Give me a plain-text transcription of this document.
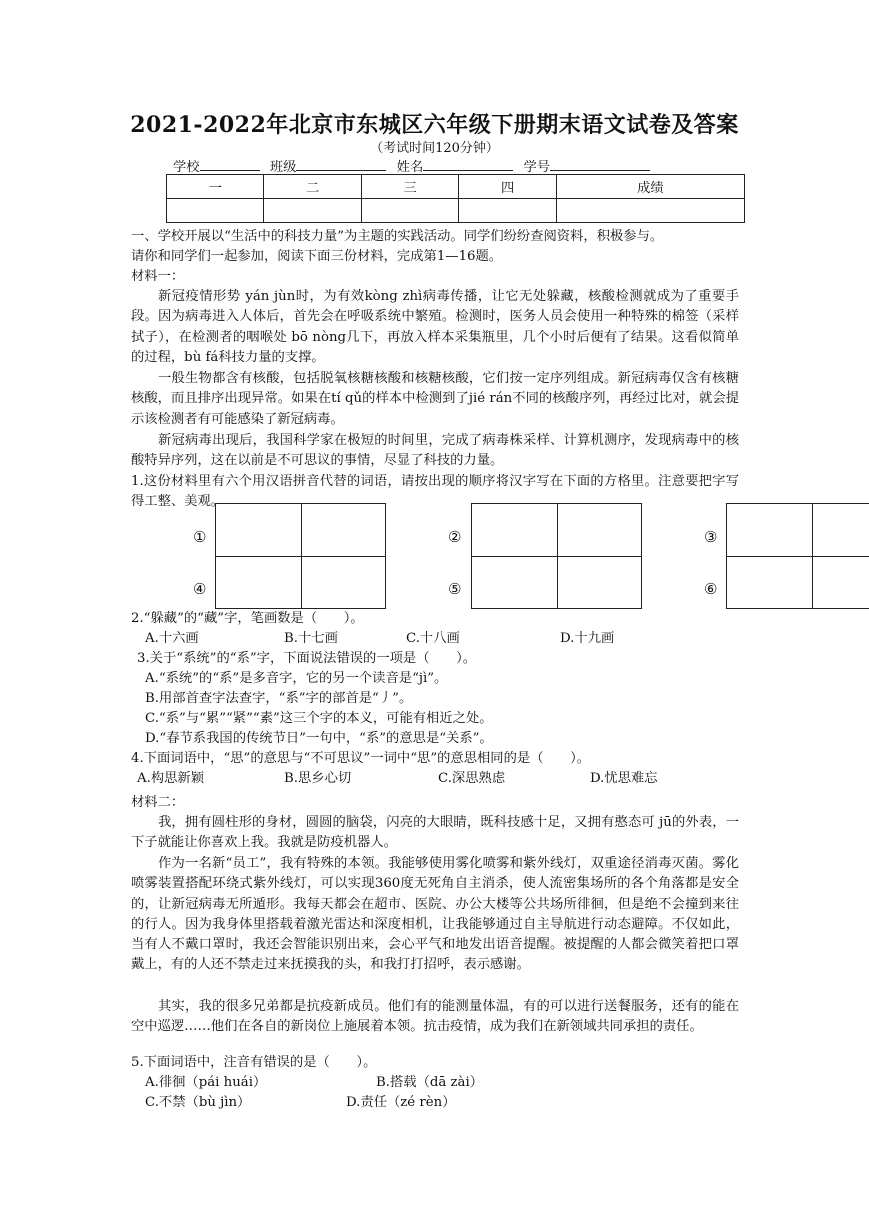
2021-2022年北京市东城区六年级下册期末语文试卷及答案
（考试时间120分钟）
学校	班级	姓名	学号
一	二	三	四	成绩

一、学校开展以“生活中的科技力量”为主题的实践活动。同学们纷纷查阅资料，积极参与。
请你和同学们一起参加，阅读下面三份材料，完成第1—16题。
材料一：
新冠疫情形势 yán jùn时，为有效kòng zhì病毒传播，让它无处躲藏，核酸检测就成为了重要手段。因为病毒进入人体后，首先会在呼吸系统中繁殖。检测时，医务人员会使用一种特殊的棉签（采样拭子），在检测者的咽喉处 bō nòng几下，再放入样本采集瓶里，几个小时后便有了结果。这看似简单的过程，bù fá科技力量的支撑。
一般生物都含有核酸，包括脱氧核糖核酸和核糖核酸，它们按一定序列组成。新冠病毒仅含有核糖核酸，而且排序出现异常。如果在tí qǔ的样本中检测到了jié rán不同的核酸序列，再经过比对，就会提示该检测者有可能感染了新冠病毒。
新冠病毒出现后，我国科学家在极短的时间里，完成了病毒株采样、计算机测序，发现病毒中的核酸特异序列，这在以前是不可思议的事情，尽显了科技的力量。
1.这份材料里有六个用汉语拼音代替的词语，请按出现的顺序将汉字写在下面的方格里。注意要把字写得工整、美观。
①
④
②
⑤
③
⑥
2.“躲藏”的“藏”字，笔画数是（　　）。
A.十六画	B.十七画	C.十八画	D.十九画
3.关于“系统”的“系”字，下面说法错误的一项是（　　）。
A.“系统”的“系”是多音字，它的另一个读音是“jì”。
B.用部首查字法查字，“系”字的部首是“丿”。
C.“系”与“累”“紧”“素”这三个字的本义，可能有相近之处。
D.“春节系我国的传统节日”一句中，“系”的意思是“关系”。
4.下面词语中，“思”的意思与“不可思议”一词中“思”的意思相同的是（　　）。
A.构思新颖	B.思乡心切	C.深思熟虑	D.忧思难忘
材料二：
我，拥有圆柱形的身材，圆圆的脑袋，闪亮的大眼睛，既科技感十足，又拥有憨态可 jū的外表，一下子就能让你喜欢上我。我就是防疫机器人。
作为一名新“员工”，我有特殊的本领。我能够使用雾化喷雾和紫外线灯，双重途径消毒灭菌。雾化喷雾装置搭配环绕式紫外线灯，可以实现360度无死角自主消杀，使人流密集场所的各个角落都是安全的，让新冠病毒无所遁形。我每天都会在超市、医院、办公大楼等公共场所徘徊，但是绝不会撞到来往的行人。因为我身体里搭载着激光雷达和深度相机，让我能够通过自主导航进行动态避障。不仅如此，当有人不戴口罩时，我还会智能识别出来，会心平气和地发出语音提醒。被提醒的人都会微笑着把口罩戴上，有的人还不禁走过来抚摸我的头，和我打打招呼，表示感谢。
其实，我的很多兄弟都是抗疫新成员。他们有的能测量体温，有的可以进行送餐服务，还有的能在空中巡逻……他们在各自的新岗位上施展着本领。抗击疫情，成为我们在新领域共同承担的责任。
5.下面词语中，注音有错误的是（　　）。
A.徘徊（pái huái）	B.搭载（dā zài）
C.不禁（bù jìn）	D.责任（zé rèn）
